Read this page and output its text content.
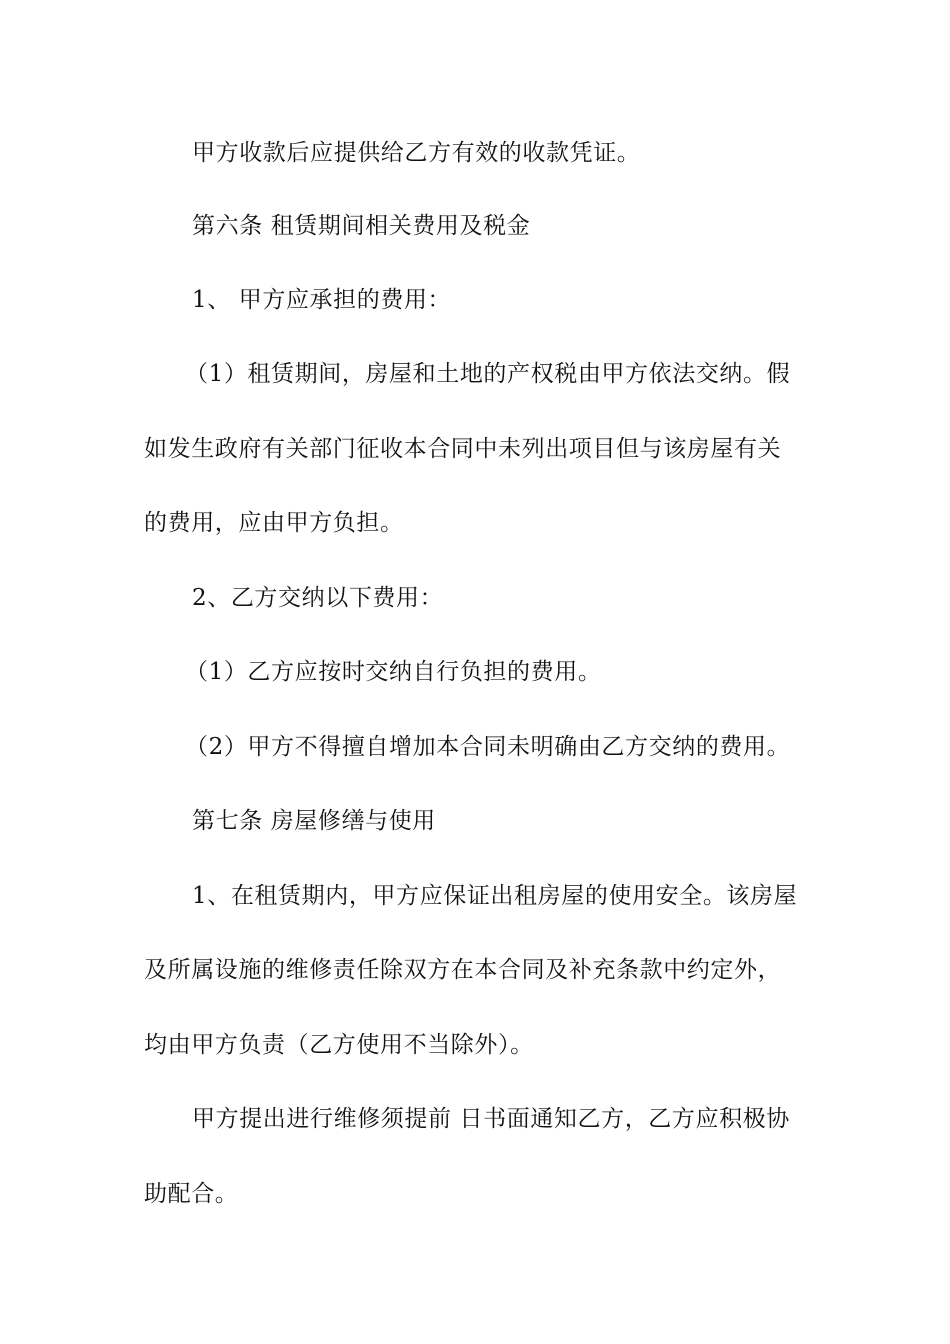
甲方收款后应提供给乙方有效的收款凭证。
第六条 租赁期间相关费用及税金
1、 甲方应承担的费用：
（1）租赁期间，房屋和土地的产权税由甲方依法交纳。假
如发生政府有关部门征收本合同中未列出项目但与该房屋有关
的费用，应由甲方负担。
2、乙方交纳以下费用：
（1）乙方应按时交纳自行负担的费用。
（2）甲方不得擅自增加本合同未明确由乙方交纳的费用。
第七条 房屋修缮与使用
1、在租赁期内，甲方应保证出租房屋的使用安全。该房屋
及所属设施的维修责任除双方在本合同及补充条款中约定外，
均由甲方负责（乙方使用不当除外）。
甲方提出进行维修须提前 日书面通知乙方，乙方应积极协
助配合。
